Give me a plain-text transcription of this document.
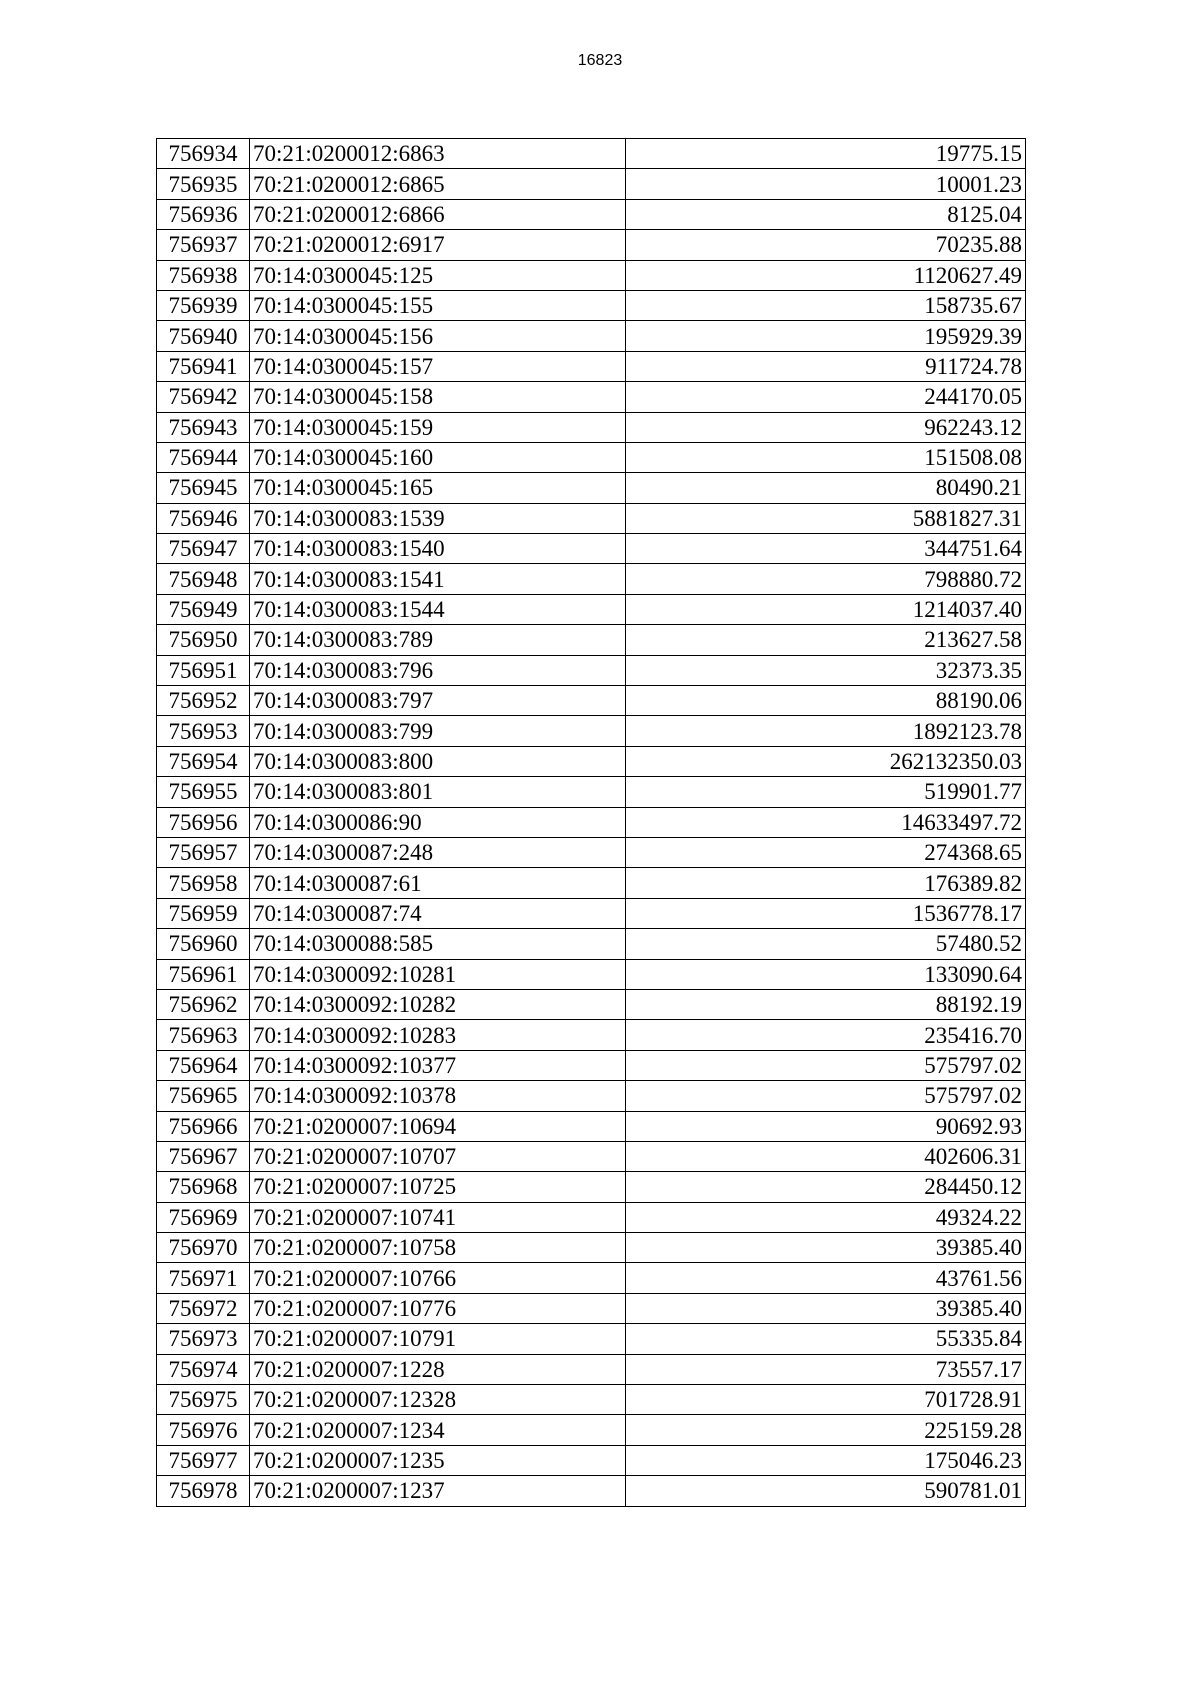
16823
756934	70:21:0200012:6863	19775.15
756935	70:21:0200012:6865	10001.23
756936	70:21:0200012:6866	8125.04
756937	70:21:0200012:6917	70235.88
756938	70:14:0300045:125	1120627.49
756939	70:14:0300045:155	158735.67
756940	70:14:0300045:156	195929.39
756941	70:14:0300045:157	911724.78
756942	70:14:0300045:158	244170.05
756943	70:14:0300045:159	962243.12
756944	70:14:0300045:160	151508.08
756945	70:14:0300045:165	80490.21
756946	70:14:0300083:1539	5881827.31
756947	70:14:0300083:1540	344751.64
756948	70:14:0300083:1541	798880.72
756949	70:14:0300083:1544	1214037.40
756950	70:14:0300083:789	213627.58
756951	70:14:0300083:796	32373.35
756952	70:14:0300083:797	88190.06
756953	70:14:0300083:799	1892123.78
756954	70:14:0300083:800	262132350.03
756955	70:14:0300083:801	519901.77
756956	70:14:0300086:90	14633497.72
756957	70:14:0300087:248	274368.65
756958	70:14:0300087:61	176389.82
756959	70:14:0300087:74	1536778.17
756960	70:14:0300088:585	57480.52
756961	70:14:0300092:10281	133090.64
756962	70:14:0300092:10282	88192.19
756963	70:14:0300092:10283	235416.70
756964	70:14:0300092:10377	575797.02
756965	70:14:0300092:10378	575797.02
756966	70:21:0200007:10694	90692.93
756967	70:21:0200007:10707	402606.31
756968	70:21:0200007:10725	284450.12
756969	70:21:0200007:10741	49324.22
756970	70:21:0200007:10758	39385.40
756971	70:21:0200007:10766	43761.56
756972	70:21:0200007:10776	39385.40
756973	70:21:0200007:10791	55335.84
756974	70:21:0200007:1228	73557.17
756975	70:21:0200007:12328	701728.91
756976	70:21:0200007:1234	225159.28
756977	70:21:0200007:1235	175046.23
756978	70:21:0200007:1237	590781.01
